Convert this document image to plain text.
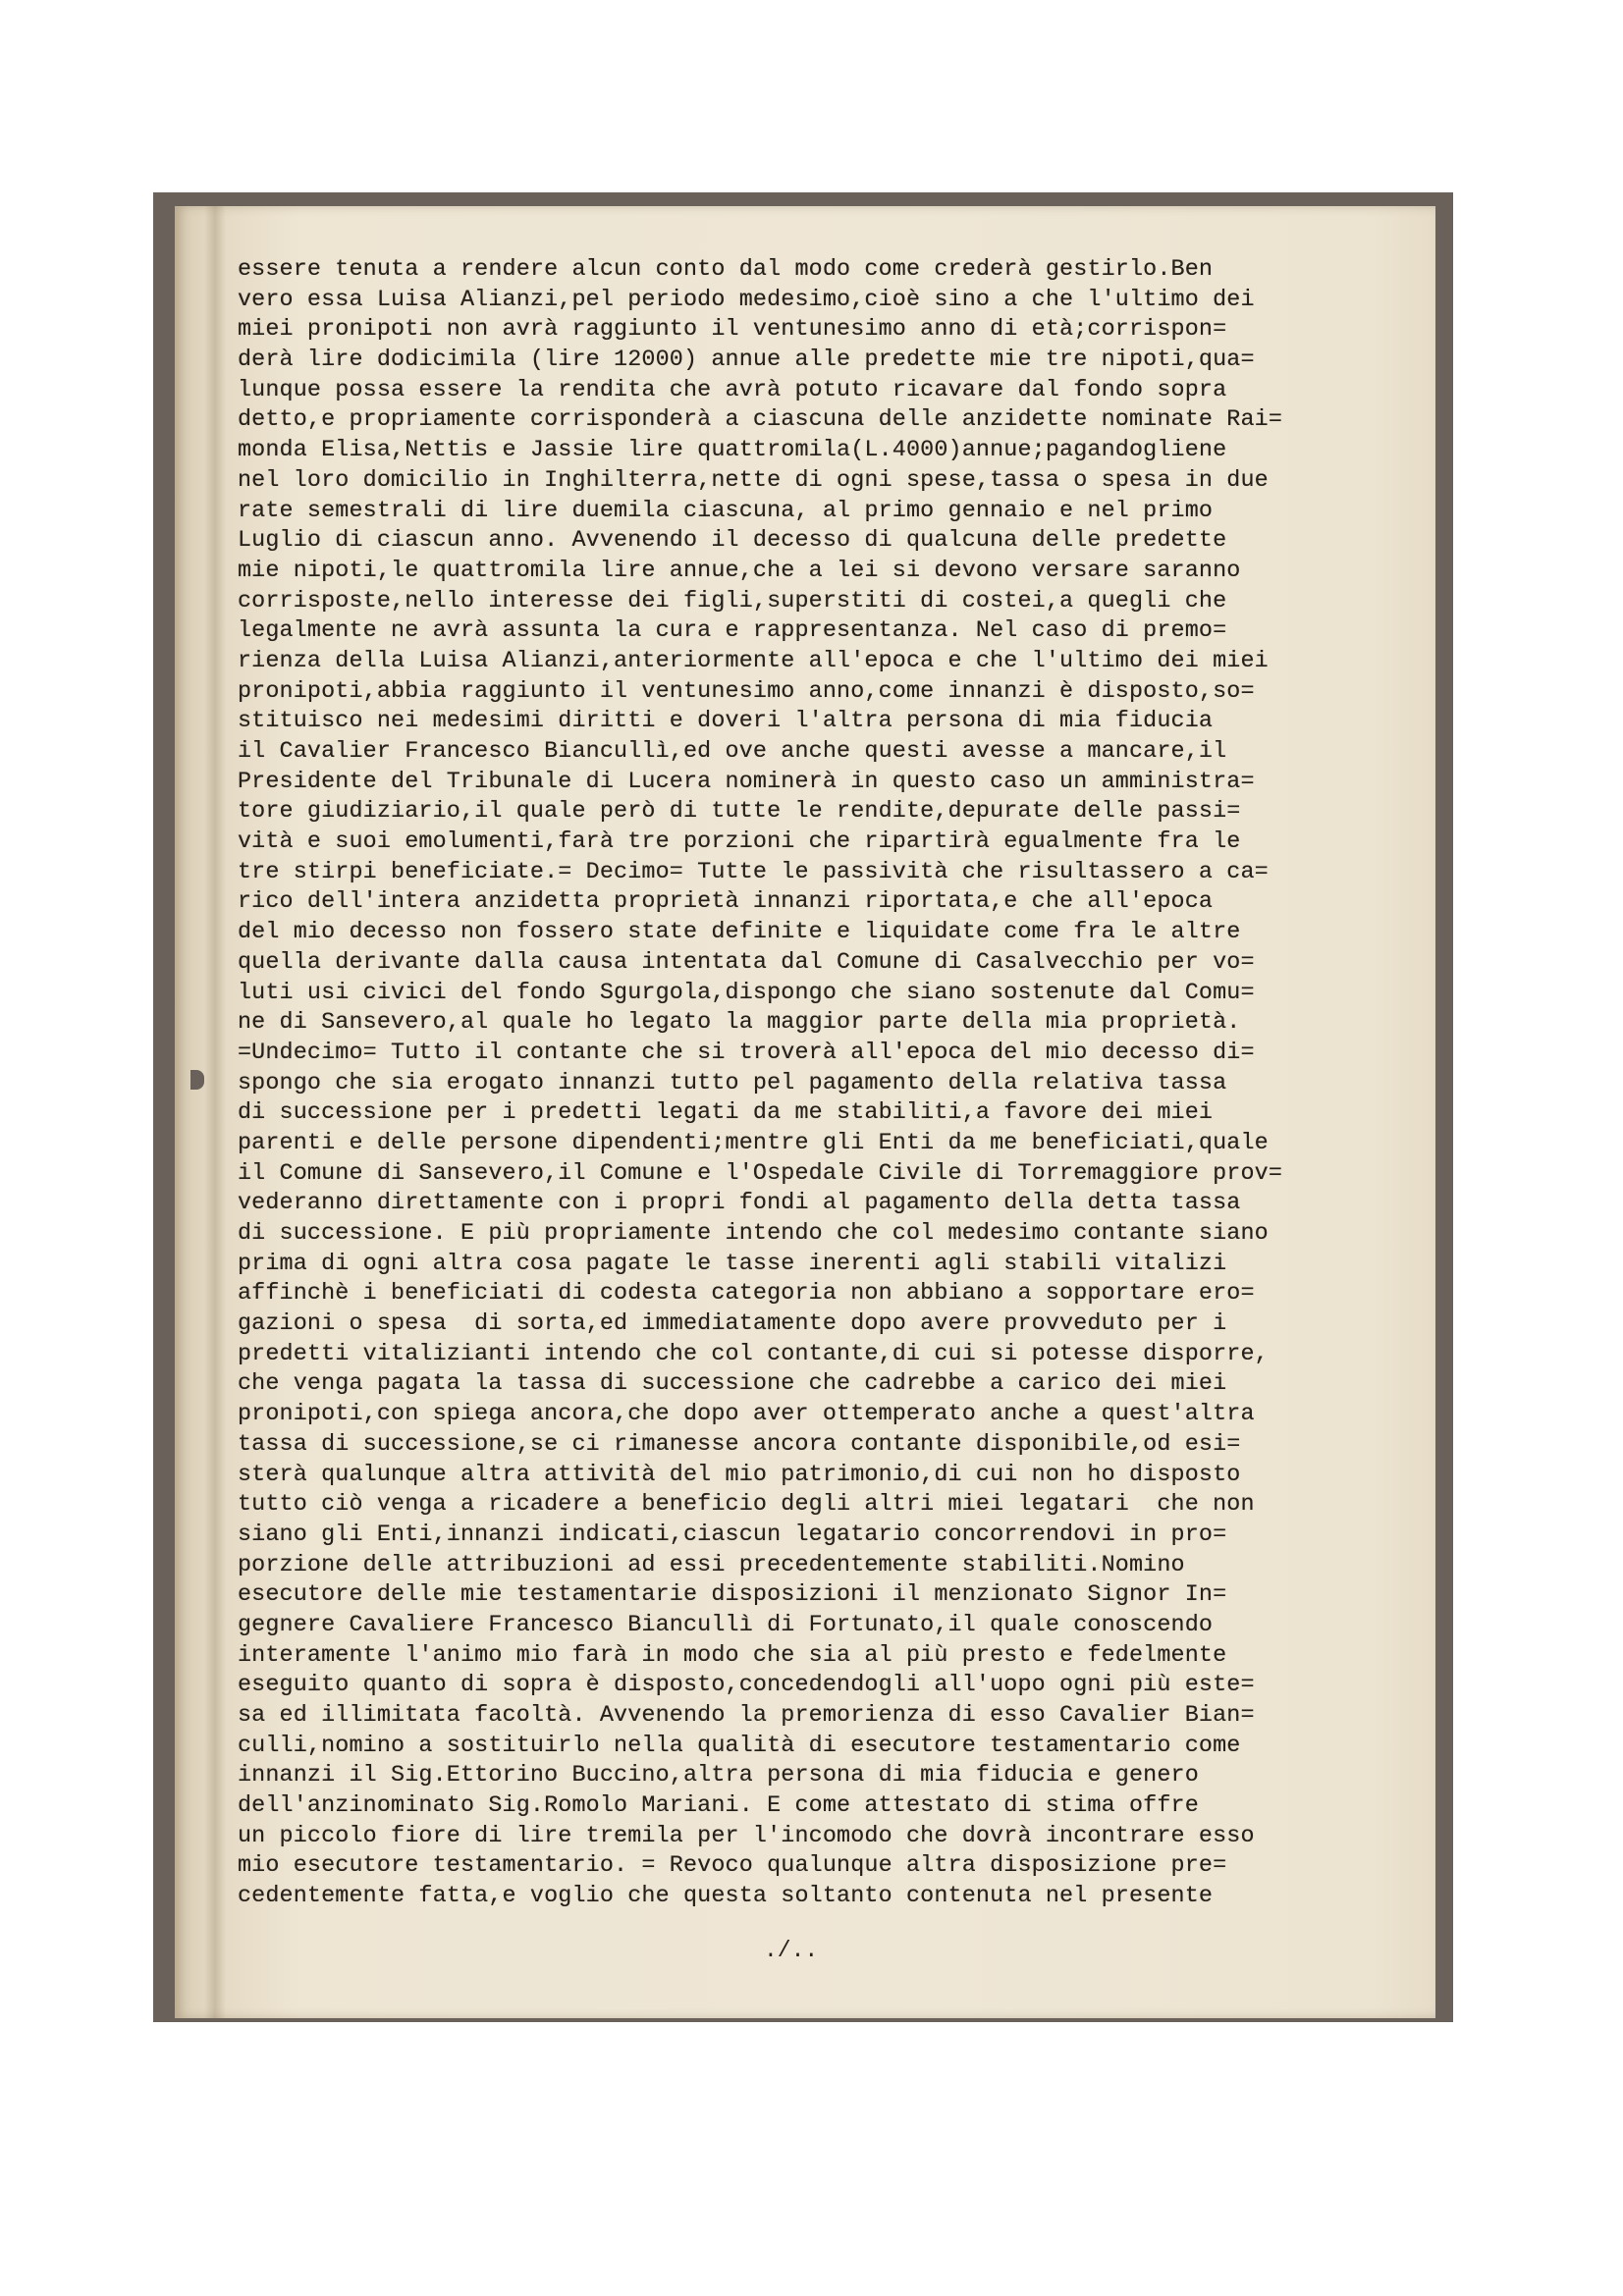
essere tenuta a rendere alcun conto dal modo come crederà gestirlo.Ben
vero essa Luisa Alianzi,pel periodo medesimo,cioè sino a che l'ultimo dei
miei pronipoti non avrà raggiunto il ventunesimo anno di età;corrispon=
derà lire dodicimila (lire 12000) annue alle predette mie tre nipoti,qua=
lunque possa essere la rendita che avrà potuto ricavare dal fondo sopra
detto,e propriamente corrisponderà a ciascuna delle anzidette nominate Rai=
monda Elisa,Nettis e Jassie lire quattromila(L.4000)annue;pagandogliene
nel loro domicilio in Inghilterra,nette di ogni spese,tassa o spesa in due
rate semestrali di lire duemila ciascuna, al primo gennaio e nel primo
Luglio di ciascun anno. Avvenendo il decesso di qualcuna delle predette
mie nipoti,le quattromila lire annue,che a lei si devono versare saranno
corrisposte,nello interesse dei figli,superstiti di costei,a quegli che
legalmente ne avrà assunta la cura e rappresentanza. Nel caso di premo=
rienza della Luisa Alianzi,anteriormente all'epoca e che l'ultimo dei miei
pronipoti,abbia raggiunto il ventunesimo anno,come innanzi è disposto,so=
stituisco nei medesimi diritti e doveri l'altra persona di mia fiducia
il Cavalier Francesco Biancullì,ed ove anche questi avesse a mancare,il
Presidente del Tribunale di Lucera nominerà in questo caso un amministra=
tore giudiziario,il quale però di tutte le rendite,depurate delle passi=
vità e suoi emolumenti,farà tre porzioni che ripartirà egualmente fra le
tre stirpi beneficiate.= Decimo= Tutte le passività che risultassero a ca=
rico dell'intera anzidetta proprietà innanzi riportata,e che all'epoca
del mio decesso non fossero state definite e liquidate come fra le altre
quella derivante dalla causa intentata dal Comune di Casalvecchio per vo=
luti usi civici del fondo Sgurgola,dispongo che siano sostenute dal Comu=
ne di Sansevero,al quale ho legato la maggior parte della mia proprietà.
=Undecimo= Tutto il contante che si troverà all'epoca del mio decesso di=
spongo che sia erogato innanzi tutto pel pagamento della relativa tassa
di successione per i predetti legati da me stabiliti,a favore dei miei
parenti e delle persone dipendenti;mentre gli Enti da me beneficiati,quale
il Comune di Sansevero,il Comune e l'Ospedale Civile di Torremaggiore prov=
vederanno direttamente con i propri fondi al pagamento della detta tassa
di successione. E più propriamente intendo che col medesimo contante siano
prima di ogni altra cosa pagate le tasse inerenti agli stabili vitalizi
affinchè i beneficiati di codesta categoria non abbiano a sopportare ero=
gazioni o spesa  di sorta,ed immediatamente dopo avere provveduto per i
predetti vitalizianti intendo che col contante,di cui si potesse disporre,
che venga pagata la tassa di successione che cadrebbe a carico dei miei
pronipoti,con spiega ancora,che dopo aver ottemperato anche a quest'altra
tassa di successione,se ci rimanesse ancora contante disponibile,od esi=
sterà qualunque altra attività del mio patrimonio,di cui non ho disposto
tutto ciò venga a ricadere a beneficio degli altri miei legatari  che non
siano gli Enti,innanzi indicati,ciascun legatario concorrendovi in pro=
porzione delle attribuzioni ad essi precedentemente stabiliti.Nomino
esecutore delle mie testamentarie disposizioni il menzionato Signor In=
gegnere Cavaliere Francesco Biancullì di Fortunato,il quale conoscendo
interamente l'animo mio farà in modo che sia al più presto e fedelmente
eseguito quanto di sopra è disposto,concedendogli all'uopo ogni più este=
sa ed illimitata facoltà. Avvenendo la premorienza di esso Cavalier Bian=
culli,nomino a sostituirlo nella qualità di esecutore testamentario come
innanzi il Sig.Ettorino Buccino,altra persona di mia fiducia e genero
dell'anzinominato Sig.Romolo Mariani. E come attestato di stima offre
un piccolo fiore di lire tremila per l'incomodo che dovrà incontrare esso
mio esecutore testamentario. = Revoco qualunque altra disposizione pre=
cedentemente fatta,e voglio che questa soltanto contenuta nel presente
./..
